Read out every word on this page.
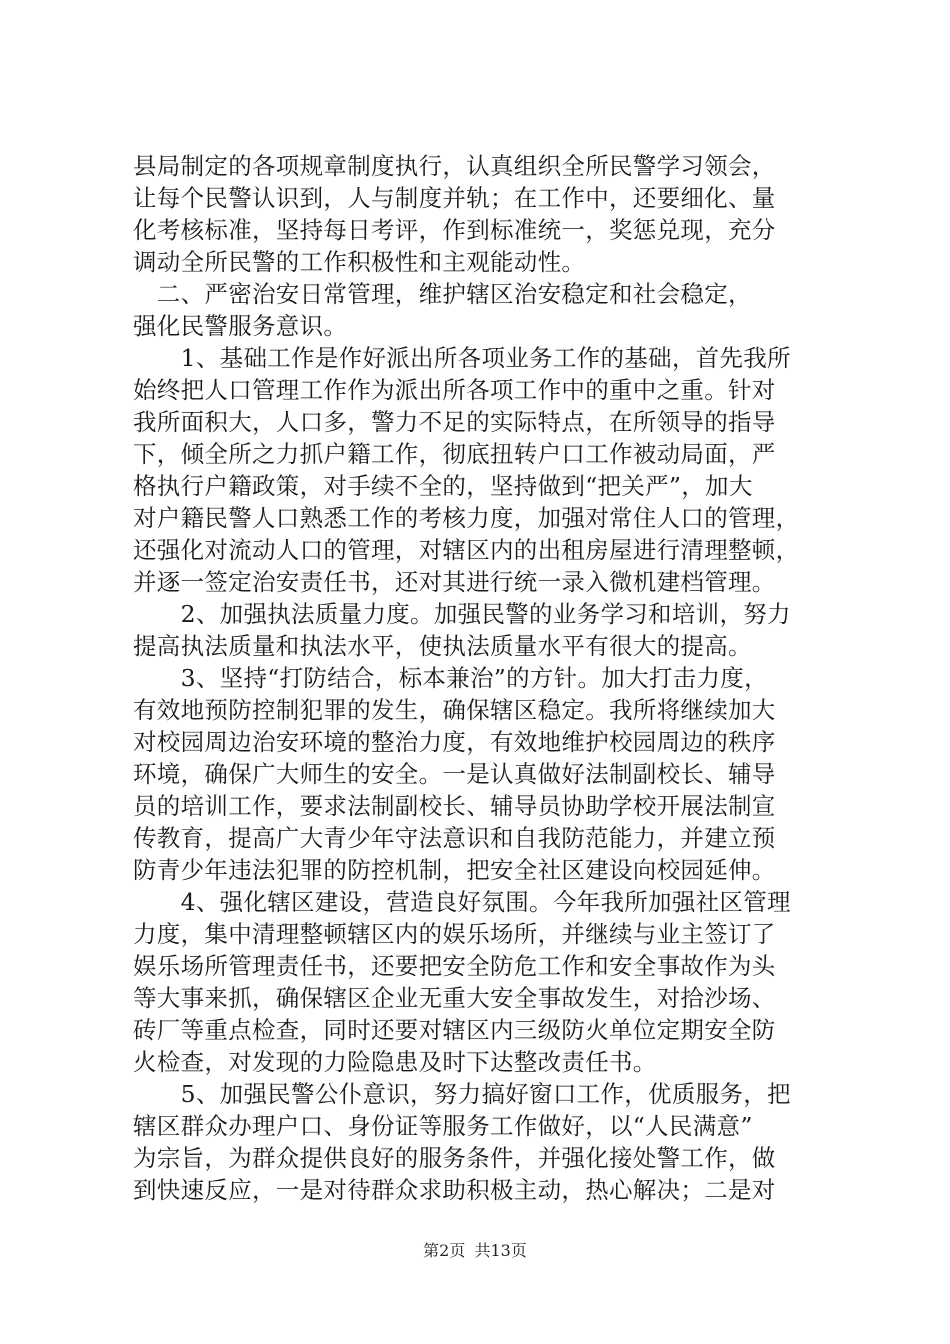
县局制定的各项规章制度执行，认真组织全所民警学习领会，
让每个民警认识到，人与制度并轨；在工作中，还要细化、量
化考核标准，坚持每日考评，作到标准统一，奖惩兑现，充分
调动全所民警的工作积极性和主观能动性。
　二、严密治安日常管理，维护辖区治安稳定和社会稳定，
强化民警服务意识。
　　1、基础工作是作好派出所各项业务工作的基础，首先我所
始终把人口管理工作作为派出所各项工作中的重中之重。针对
我所面积大，人口多，警力不足的实际特点，在所领导的指导
下，倾全所之力抓户籍工作，彻底扭转户口工作被动局面，严
格执行户籍政策，对手续不全的，坚持做到“把关严”，加大
对户籍民警人口熟悉工作的考核力度，加强对常住人口的管理，
还强化对流动人口的管理，对辖区内的出租房屋进行清理整顿，
并逐一签定治安责任书，还对其进行统一录入微机建档管理。
　　2、加强执法质量力度。加强民警的业务学习和培训，努力
提高执法质量和执法水平，使执法质量水平有很大的提高。
　　3、坚持“打防结合，标本兼治”的方针。加大打击力度，
有效地预防控制犯罪的发生，确保辖区稳定。我所将继续加大
对校园周边治安环境的整治力度，有效地维护校园周边的秩序
环境，确保广大师生的安全。一是认真做好法制副校长、辅导
员的培训工作，要求法制副校长、辅导员协助学校开展法制宣
传教育，提高广大青少年守法意识和自我防范能力，并建立预
防青少年违法犯罪的防控机制，把安全社区建设向校园延伸。
　　4、强化辖区建设，营造良好氛围。今年我所加强社区管理
力度，集中清理整顿辖区内的娱乐场所，并继续与业主签订了
娱乐场所管理责任书，还要把安全防危工作和安全事故作为头
等大事来抓，确保辖区企业无重大安全事故发生，对拾沙场、
砖厂等重点检查，同时还要对辖区内三级防火单位定期安全防
火检查，对发现的力险隐患及时下达整改责任书。
　　5、加强民警公仆意识，努力搞好窗口工作，优质服务，把
辖区群众办理户口、身份证等服务工作做好，以“人民满意”
为宗旨，为群众提供良好的服务条件，并强化接处警工作，做
到快速反应，一是对待群众求助积极主动，热心解决；二是对
第2页 共13页
